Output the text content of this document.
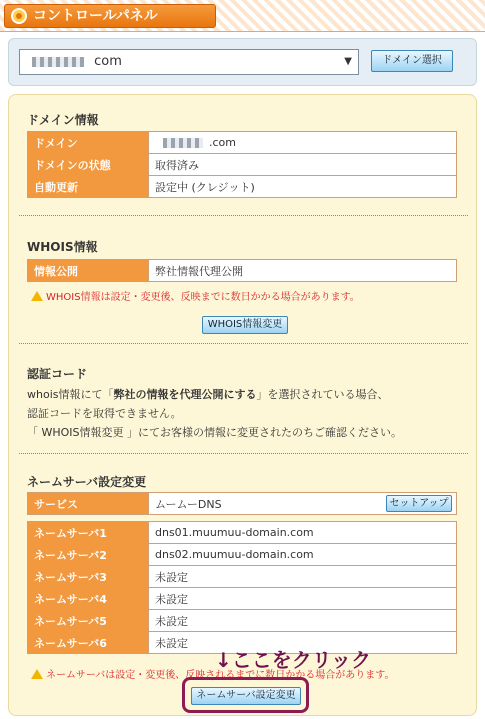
コントロールパネル
com	▼	ドメイン選択
ドメイン情報
ドメイン	.com
ドメインの状態	取得済み
自動更新	設定中 (クレジット)
WHOIS情報
情報公開	弊社情報代理公開
WHOIS情報は設定・変更後、反映までに数日かかる場合があります。
WHOIS情報変更
認証コード
whois情報にて「弊社の情報を代理公開にする」を選択されている場合、
認証コードを取得できません。
「 WHOIS情報変更 」にてお客様の情報に変更されたのちご確認ください。
ネームサーバ設定変更
サービス	ムームーDNS	セットアップ
ネームサーバ1	dns01.muumuu-domain.com
ネームサーバ2	dns02.muumuu-domain.com
ネームサーバ3	未設定
ネームサーバ4	未設定
ネームサーバ5	未設定
ネームサーバ6	未設定
ネームサーバは設定・変更後、反映されるまでに数日かかる場合があります。
↓ここをクリック
ネームサーバ設定変更
